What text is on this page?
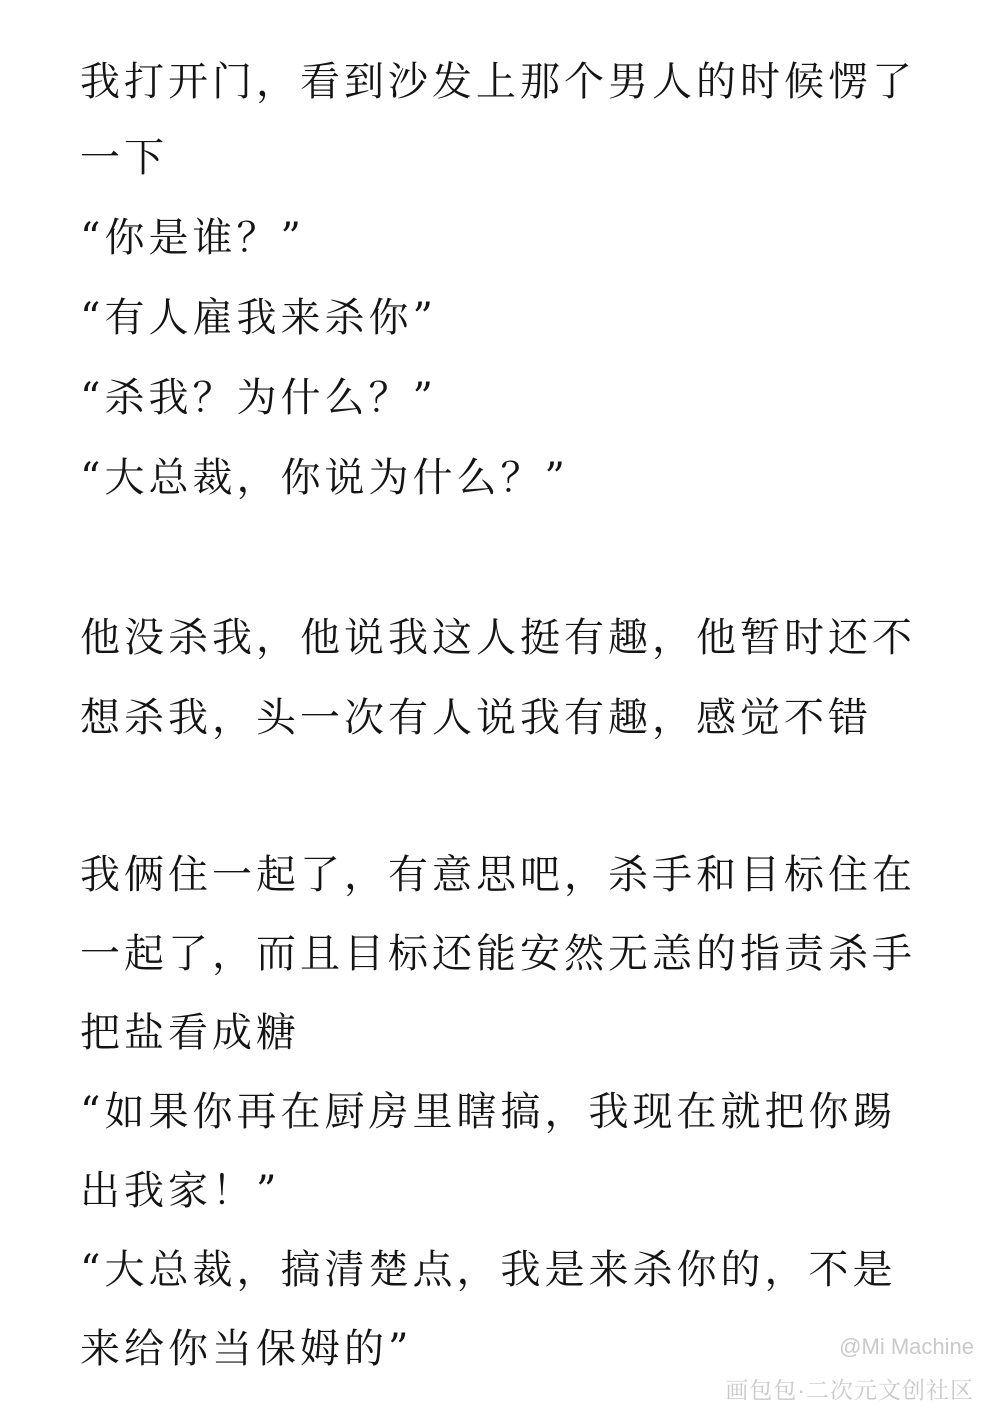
我打开门，看到沙发上那个男人的时候愣了
一下
“你是谁？”
“有人雇我来杀你”
“杀我？为什么？”
“大总裁，你说为什么？”
他没杀我，他说我这人挺有趣，他暂时还不
想杀我，头一次有人说我有趣，感觉不错
我俩住一起了，有意思吧，杀手和目标住在
一起了，而且目标还能安然无恙的指责杀手
把盐看成糖
“如果你再在厨房里瞎搞，我现在就把你踢
出我家！”
“大总裁，搞清楚点，我是来杀你的，不是
来给你当保姆的”	@Mi Machine
画包包·二次元文创社区
